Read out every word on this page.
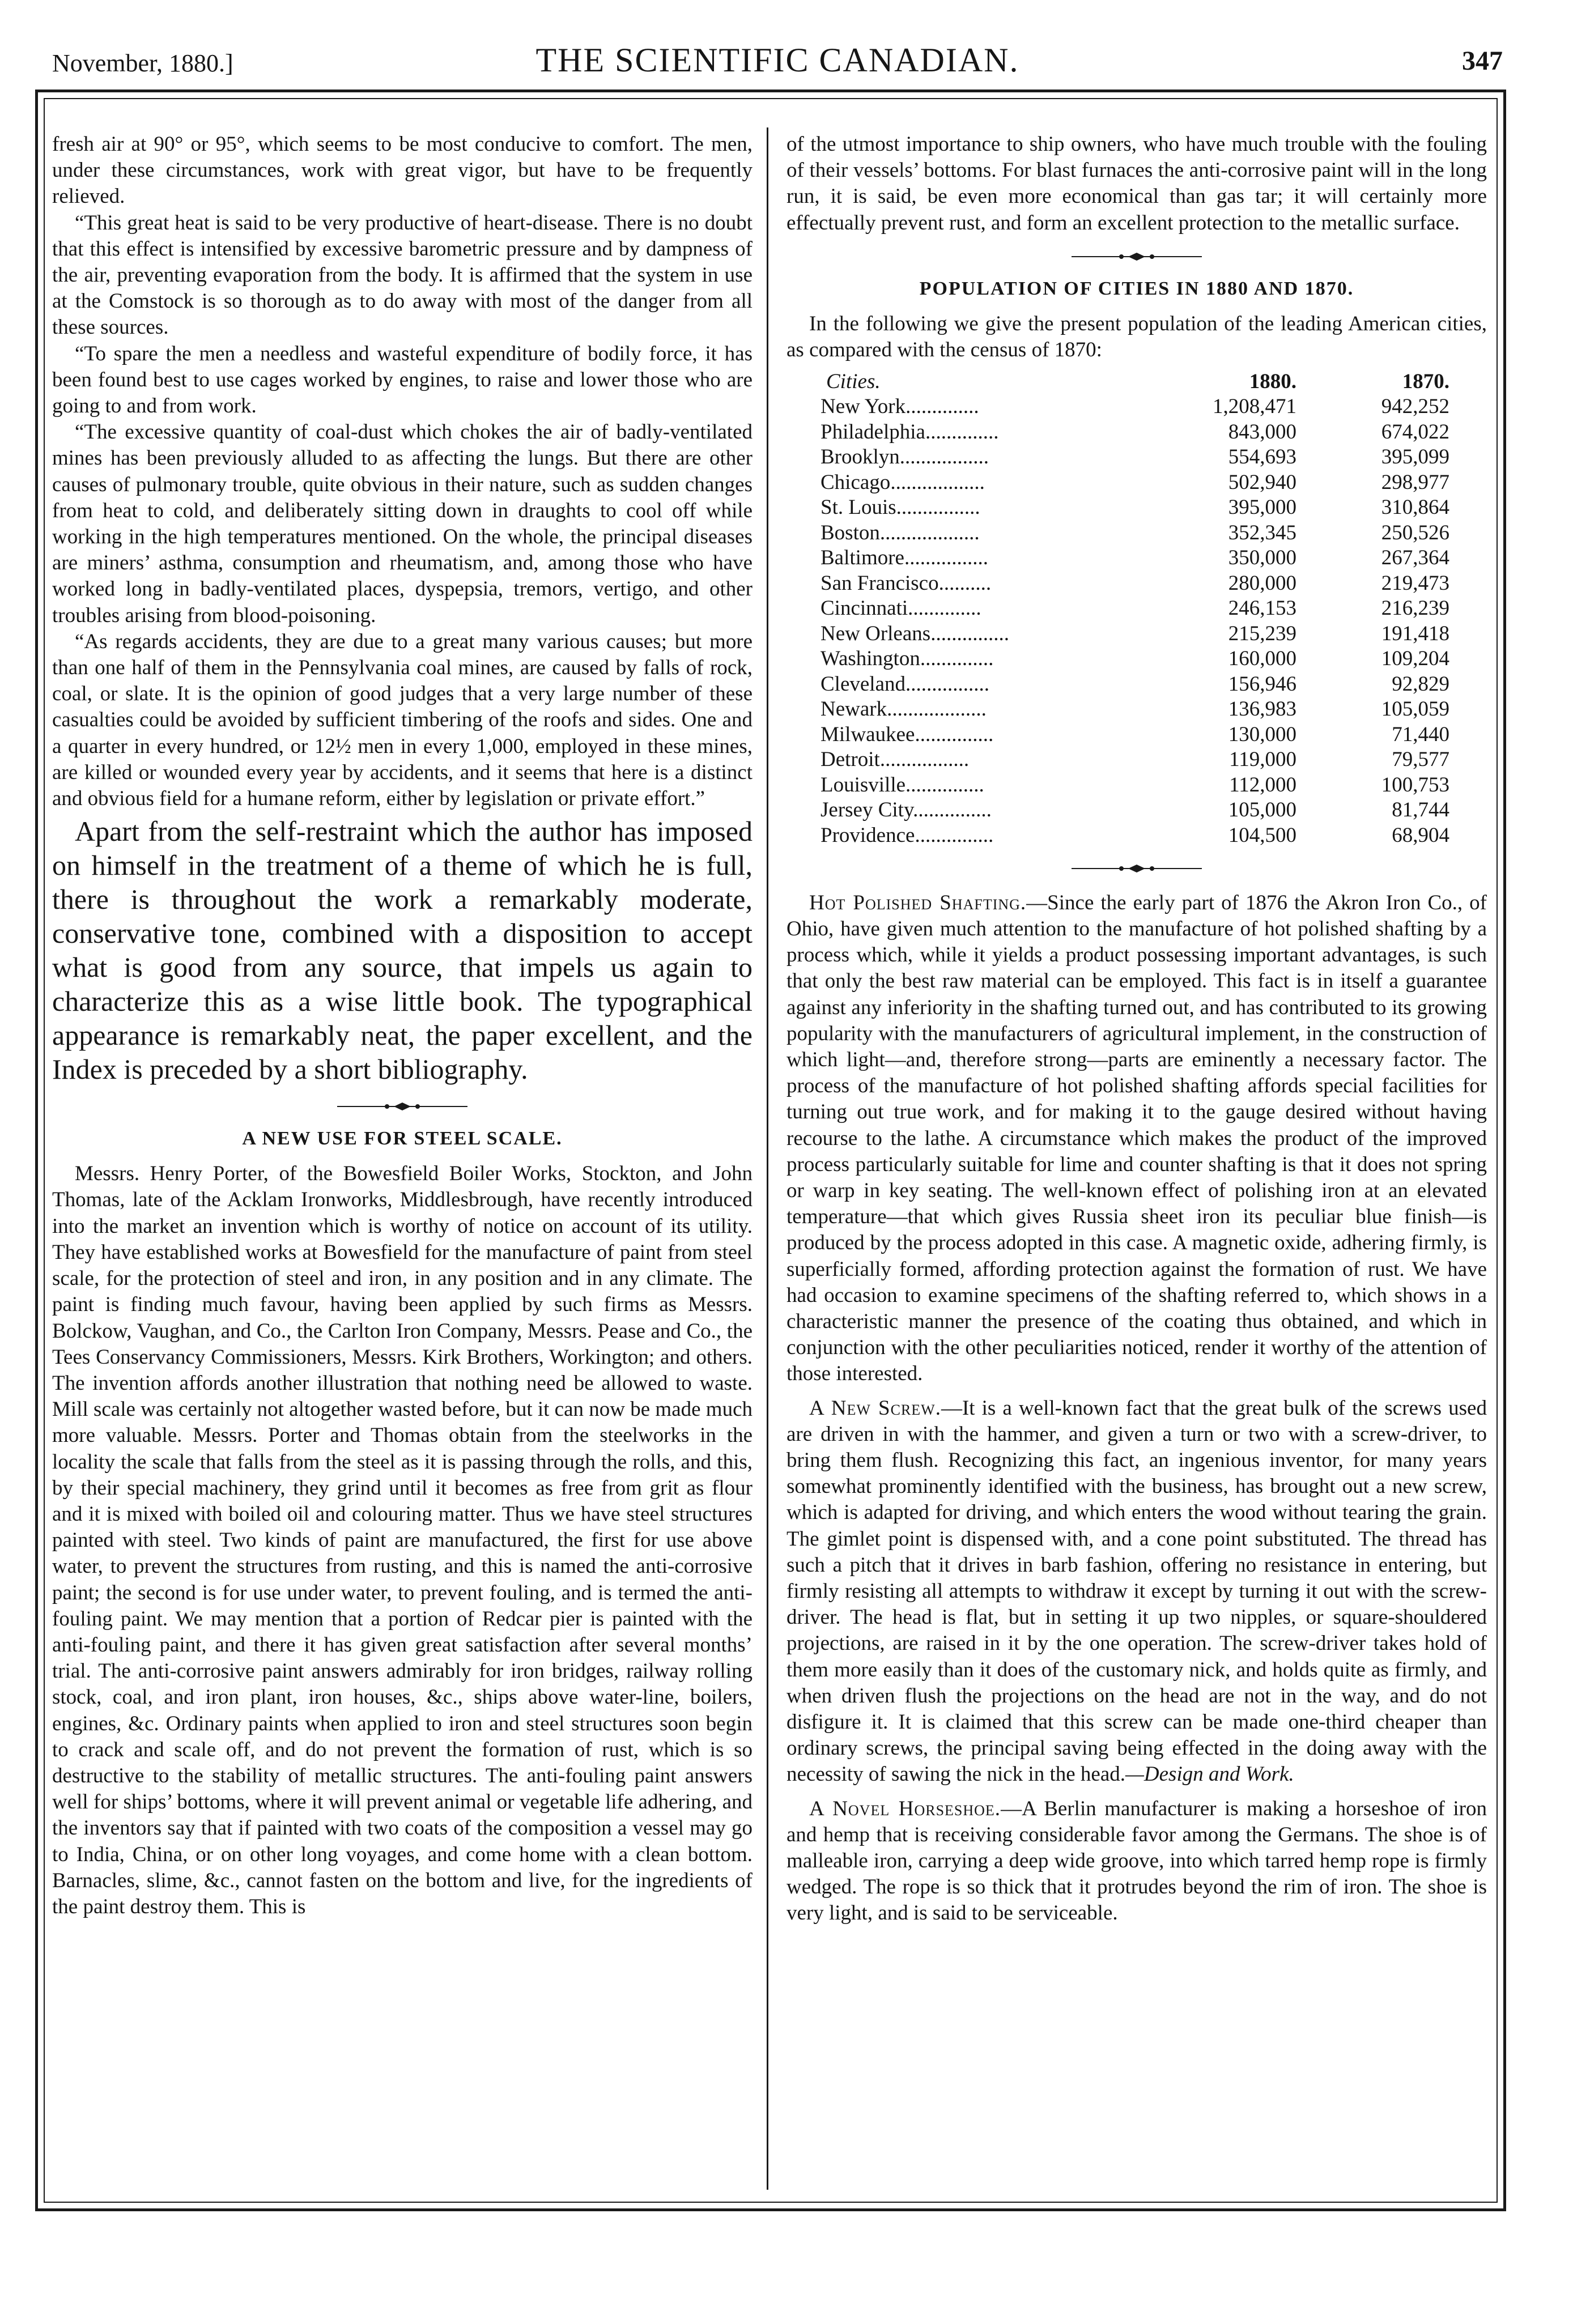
November, 1880.]	THE SCIENTIFIC CANADIAN.	347

fresh air at 90° or 95°, which seems to be most conducive to comfort. The men, under these circumstances, work with great vigor, but have to be frequently relieved.

“This great heat is said to be very productive of heart-disease. There is no doubt that this effect is intensified by excessive barometric pressure and by dampness of the air, preventing evaporation from the body. It is affirmed that the system in use at the Comstock is so thorough as to do away with most of the danger from all these sources.

“To spare the men a needless and wasteful expenditure of bodily force, it has been found best to use cages worked by engines, to raise and lower those who are going to and from work.

“The excessive quantity of coal-dust which chokes the air of badly-ventilated mines has been previously alluded to as affecting the lungs. But there are other causes of pulmonary trouble, quite obvious in their nature, such as sudden changes from heat to cold, and deliberately sitting down in draughts to cool off while working in the high temperatures mentioned. On the whole, the principal diseases are miners’ asthma, consumption and rheumatism, and, among those who have worked long in badly-ventilated places, dyspepsia, tremors, vertigo, and other troubles arising from blood-poisoning.

“As regards accidents, they are due to a great many various causes; but more than one half of them in the Pennsylvania coal mines, are caused by falls of rock, coal, or slate. It is the opinion of good judges that a very large number of these casualties could be avoided by sufficient timbering of the roofs and sides. One and a quarter in every hundred, or 12½ men in every 1,000, employed in these mines, are killed or wounded every year by accidents, and it seems that here is a distinct and obvious field for a humane reform, either by legislation or private effort.”

Apart from the self-restraint which the author has imposed on himself in the treatment of a theme of which he is full, there is throughout the work a remarkably moderate, conservative tone, combined with a disposition to accept what is good from any source, that impels us again to characterize this as a wise little book. The typographical appearance is remarkably neat, the paper excellent, and the Index is preceded by a short bibliography.

A NEW USE FOR STEEL SCALE.

Messrs. Henry Porter, of the Bowesfield Boiler Works, Stockton, and John Thomas, late of the Acklam Ironworks, Middlesbrough, have recently introduced into the market an invention which is worthy of notice on account of its utility. They have established works at Bowesfield for the manufacture of paint from steel scale, for the protection of steel and iron, in any position and in any climate. The paint is finding much favour, having been applied by such firms as Messrs. Bolckow, Vaughan, and Co., the Carlton Iron Company, Messrs. Pease and Co., the Tees Conservancy Commissioners, Messrs. Kirk Brothers, Workington; and others. The invention affords another illustration that nothing need be allowed to waste. Mill scale was certainly not altogether wasted before, but it can now be made much more valuable. Messrs. Porter and Thomas obtain from the steelworks in the locality the scale that falls from the steel as it is passing through the rolls, and this, by their special machinery, they grind until it becomes as free from grit as flour and it is mixed with boiled oil and colouring matter. Thus we have steel structures painted with steel. Two kinds of paint are manufactured, the first for use above water, to prevent the structures from rusting, and this is named the anti-corrosive paint; the second is for use under water, to prevent fouling, and is termed the anti-fouling paint. We may mention that a portion of Redcar pier is painted with the anti-fouling paint, and there it has given great satisfaction after several months’ trial. The anti-corrosive paint answers admirably for iron bridges, railway rolling stock, coal, and iron plant, iron houses, &c., ships above water-line, boilers, engines, &c. Ordinary paints when applied to iron and steel structures soon begin to crack and scale off, and do not prevent the formation of rust, which is so destructive to the stability of metallic structures. The anti-fouling paint answers well for ships’ bottoms, where it will prevent animal or vegetable life adhering, and the inventors say that if painted with two coats of the composition a vessel may go to India, China, or on other long voyages, and come home with a clean bottom. Barnacles, slime, &c., cannot fasten on the bottom and live, for the ingredients of the paint destroy them. This is

of the utmost importance to ship owners, who have much trouble with the fouling of their vessels’ bottoms. For blast furnaces the anti-corrosive paint will in the long run, it is said, be even more economical than gas tar; it will certainly more effectually prevent rust, and form an excellent protection to the metallic surface.

POPULATION OF CITIES IN 1880 AND 1870.

In the following we give the present population of the leading American cities, as compared with the census of 1870:

Cities.	1880.	1870.
New York..............	1,208,471	942,252
Philadelphia..............	843,000	674,022
Brooklyn.................	554,693	395,099
Chicago..................	502,940	298,977
St. Louis................	395,000	310,864
Boston...................	352,345	250,526
Baltimore................	350,000	267,364
San Francisco..........	280,000	219,473
Cincinnati..............	246,153	216,239
New Orleans...............	215,239	191,418
Washington..............	160,000	109,204
Cleveland................	156,946	92,829
Newark...................	136,983	105,059
Milwaukee...............	130,000	71,440
Detroit.................	119,000	79,577
Louisville...............	112,000	100,753
Jersey City...............	105,000	81,744
Providence...............	104,500	68,904

Hot Polished Shafting.—Since the early part of 1876 the Akron Iron Co., of Ohio, have given much attention to the manufacture of hot polished shafting by a process which, while it yields a product possessing important advantages, is such that only the best raw material can be employed. This fact is in itself a guarantee against any inferiority in the shafting turned out, and has contributed to its growing popularity with the manufacturers of agricultural implement, in the construction of which light—and, therefore strong—parts are eminently a necessary factor. The process of the manufacture of hot polished shafting affords special facilities for turning out true work, and for making it to the gauge desired without having recourse to the lathe. A circumstance which makes the product of the improved process particularly suitable for lime and counter shafting is that it does not spring or warp in key seating. The well-known effect of polishing iron at an elevated temperature—that which gives Russia sheet iron its peculiar blue finish—is produced by the process adopted in this case. A magnetic oxide, adhering firmly, is superficially formed, affording protection against the formation of rust. We have had occasion to examine specimens of the shafting referred to, which shows in a characteristic manner the presence of the coating thus obtained, and which in conjunction with the other peculiarities noticed, render it worthy of the attention of those interested.

A New Screw.—It is a well-known fact that the great bulk of the screws used are driven in with the hammer, and given a turn or two with a screw-driver, to bring them flush. Recognizing this fact, an ingenious inventor, for many years somewhat prominently identified with the business, has brought out a new screw, which is adapted for driving, and which enters the wood without tearing the grain. The gimlet point is dispensed with, and a cone point substituted. The thread has such a pitch that it drives in barb fashion, offering no resistance in entering, but firmly resisting all attempts to withdraw it except by turning it out with the screw-driver. The head is flat, but in setting it up two nipples, or square-shouldered projections, are raised in it by the one operation. The screw-driver takes hold of them more easily than it does of the customary nick, and holds quite as firmly, and when driven flush the projections on the head are not in the way, and do not disfigure it. It is claimed that this screw can be made one-third cheaper than ordinary screws, the principal saving being effected in the doing away with the necessity of sawing the nick in the head.—Design and Work.

A Novel Horseshoe.—A Berlin manufacturer is making a horseshoe of iron and hemp that is receiving considerable favor among the Germans. The shoe is of malleable iron, carrying a deep wide groove, into which tarred hemp rope is firmly wedged. The rope is so thick that it protrudes beyond the rim of iron. The shoe is very light, and is said to be serviceable.
